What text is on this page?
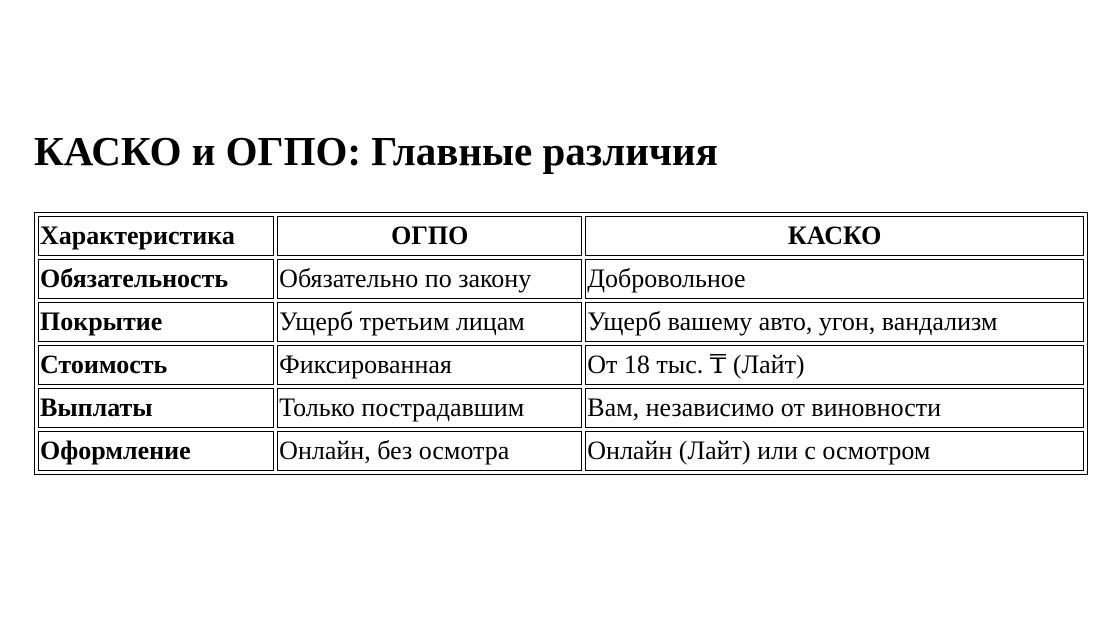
КАСКО и ОГПО: Главные различия
Характеристика	ОГПО	КАСКО
Обязательность	Обязательно по закону	Добровольное
Покрытие	Ущерб третьим лицам	Ущерб вашему авто, угон, вандализм
Стоимость	Фиксированная	От 18 тыс. ₸ (Лайт)
Выплаты	Только пострадавшим	Вам, независимо от виновности
Оформление	Онлайн, без осмотра	Онлайн (Лайт) или с осмотром
